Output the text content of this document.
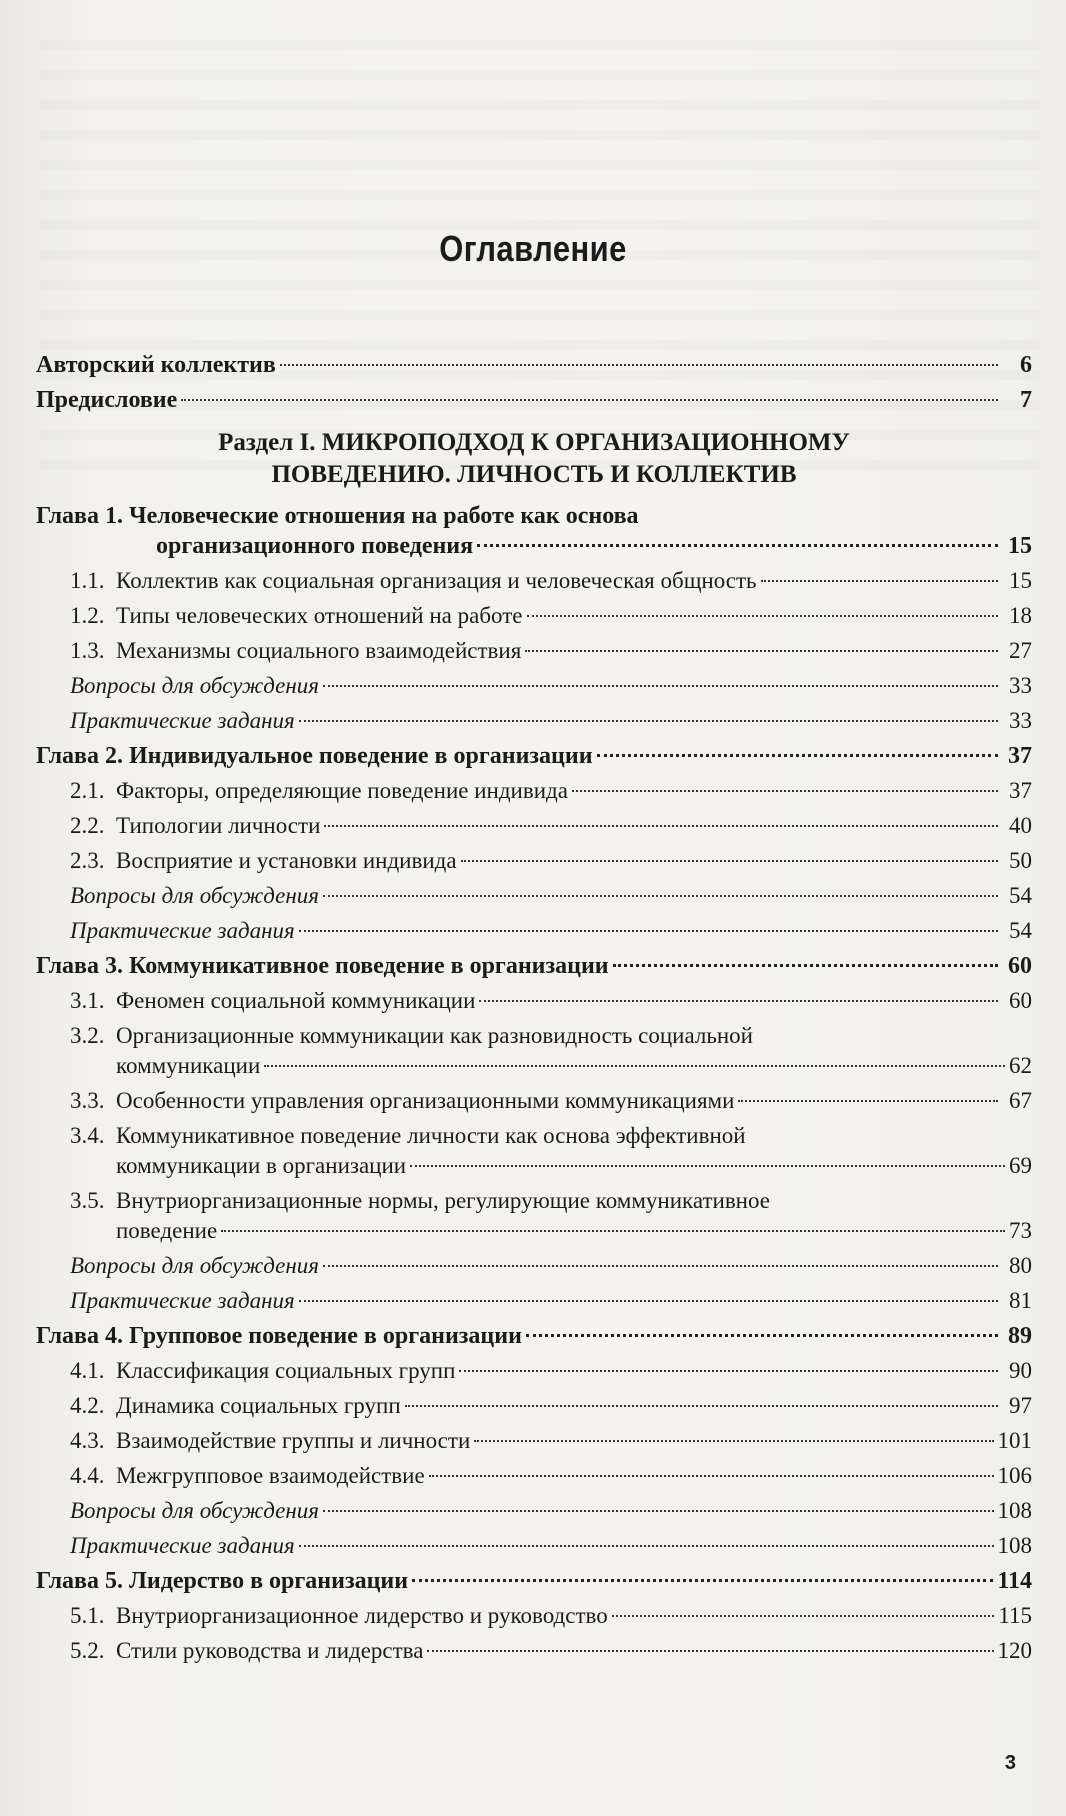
Оглавление
Авторский коллектив	6
Предисловие	7
Раздел I. МИКРОПОДХОД К ОРГАНИЗАЦИОННОМУ
ПОВЕДЕНИЮ. ЛИЧНОСТЬ И КОЛЛЕКТИВ
Глава 1. Человеческие отношения на работе как основа
организационного поведения	15
1.1. Коллектив как социальная организация и человеческая общность	15
1.2. Типы человеческих отношений на работе	18
1.3. Механизмы социального взаимодействия	27
Вопросы для обсуждения	33
Практические задания	33
Глава 2. Индивидуальное поведение в организации	37
2.1. Факторы, определяющие поведение индивида	37
2.2. Типологии личности	40
2.3. Восприятие и установки индивида	50
Вопросы для обсуждения	54
Практические задания	54
Глава 3. Коммуникативное поведение в организации	60
3.1. Феномен социальной коммуникации	60
3.2. Организационные коммуникации как разновидность социальной
коммуникации	62
3.3. Особенности управления организационными коммуникациями	67
3.4. Коммуникативное поведение личности как основа эффективной
коммуникации в организации	69
3.5. Внутриорганизационные нормы, регулирующие коммуникативное
поведение	73
Вопросы для обсуждения	80
Практические задания	81
Глава 4. Групповое поведение в организации	89
4.1. Классификация социальных групп	90
4.2. Динамика социальных групп	97
4.3. Взаимодействие группы и личности	101
4.4. Межгрупповое взаимодействие	106
Вопросы для обсуждения	108
Практические задания	108
Глава 5. Лидерство в организации	114
5.1. Внутриорганизационное лидерство и руководство	115
5.2. Стили руководства и лидерства	120
3
